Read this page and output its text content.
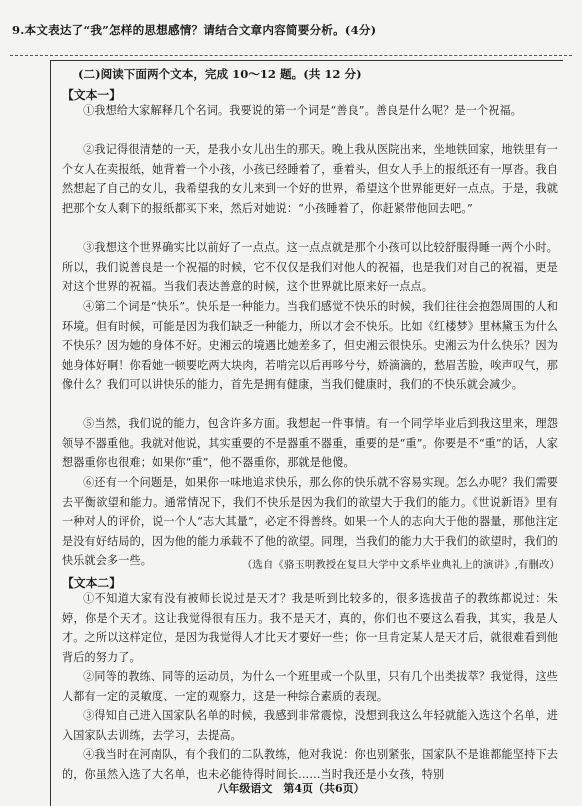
9.本文表达了“我”怎样的思想感情？请结合文章内容简要分析。(4分)
(二)阅读下面两个文本，完成 10～12 题。(共 12 分)
【文本一】

①我想给大家解释几个名词。我要说的第一个词是“善良”。善良是什么呢？是一个祝福。

②我记得很清楚的一天，是我小女儿出生的那天。晚上我从医院出来，坐地铁回家，地铁里有一个女人在卖报纸，她背着一个小孩，小孩已经睡着了，垂着头，但女人手上的报纸还有一厚沓。我自然想起了自己的女儿，我希望我的女儿来到一个好的世界，希望这个世界能更好一点点。于是，我就把那个女人剩下的报纸都买下来，然后对她说：“小孩睡着了，你赶紧带他回去吧。”

③我想这个世界确实比以前好了一点点。这一点点就是那个小孩可以比较舒服得睡一两个小时。所以，我们说善良是一个祝福的时候，它不仅仅是我们对他人的祝福，也是我们对自己的祝福，更是对这个世界的祝福。当我们表达善意的时候，这个世界就比原来好一点点。

④第二个词是“快乐”。快乐是一种能力。当我们感觉不快乐的时候，我们往往会抱怨周围的人和环境。但有时候，可能是因为我们缺乏一种能力，所以才会不快乐。比如《红楼梦》里林黛玉为什么不快乐？因为她的身体不好。史湘云的境遇比她差多了，但史湘云很快乐。史湘云为什么快乐？因为她身体好啊！你看她一顿要吃两大块肉，若啃完以后再哆兮兮，娇滴滴的，愁眉苦脸，唉声叹气，那像什么？我们可以讲快乐的能力，首先是拥有健康，当我们健康时，我们的不快乐就会减少。

⑤当然，我们说的能力，包含许多方面。我想起一件事情。有一个同学毕业后到我这里来，理怨领导不器重他。我就对他说，其实重要的不是器重不器重，重要的是“重”。你要是不“重”的话，人家想器重你也很难；如果你“重”，他不器重你，那就是他傻。

⑥还有一个问题是，如果你一味地追求快乐，那么你的快乐就不容易实现。怎么办呢？我们需要去平衡欲望和能力。通常情况下，我们不快乐是因为我们的欲望大于我们的能力。《世说新语》里有一种对人的评价，说一个人“志大其量”，必定不得善终。如果一个人的志向大于他的器量，那他注定是没有好结局的，因为他的能力承载不了他的欲望。同理，当我们的能力大于我们的欲望时，我们的快乐就会多一些。	（选自《骆玉明教授在复旦大学中文系毕业典礼上的演讲》,有删改）
【文本二】

①不知道大家有没有被师长说过是天才？我是听到比较多的，很多选拔苗子的教练都说过：朱婷，你是个天才。这让我觉得很有压力。我不是天才，真的，你们也不要这么看我，其实，我是人才。之所以这样定位，是因为我觉得人才比天才要好一些；你一旦肯定某人是天才后，就很难看到他背后的努力了。

②同等的教练、同等的运动员，为什么一个班里或一个队里，只有几个出类拔萃？我觉得，这些人都有一定的灵敏度、一定的观察力，这是一种综合素质的表现。

③得知自己进入国家队名单的时候，我感到非常震惊，没想到我这么年轻就能入选这个名单，进入国家队去训练，去学习，去提高。

④我当时在河南队，有个我们的二队教练，他对我说：你也别紧张，国家队不是谁都能坚持下去的，你虽然入选了大名单，也未必能待得时间长……当时我还是小女孩，特别

八年级语文　第4页（共6页）
